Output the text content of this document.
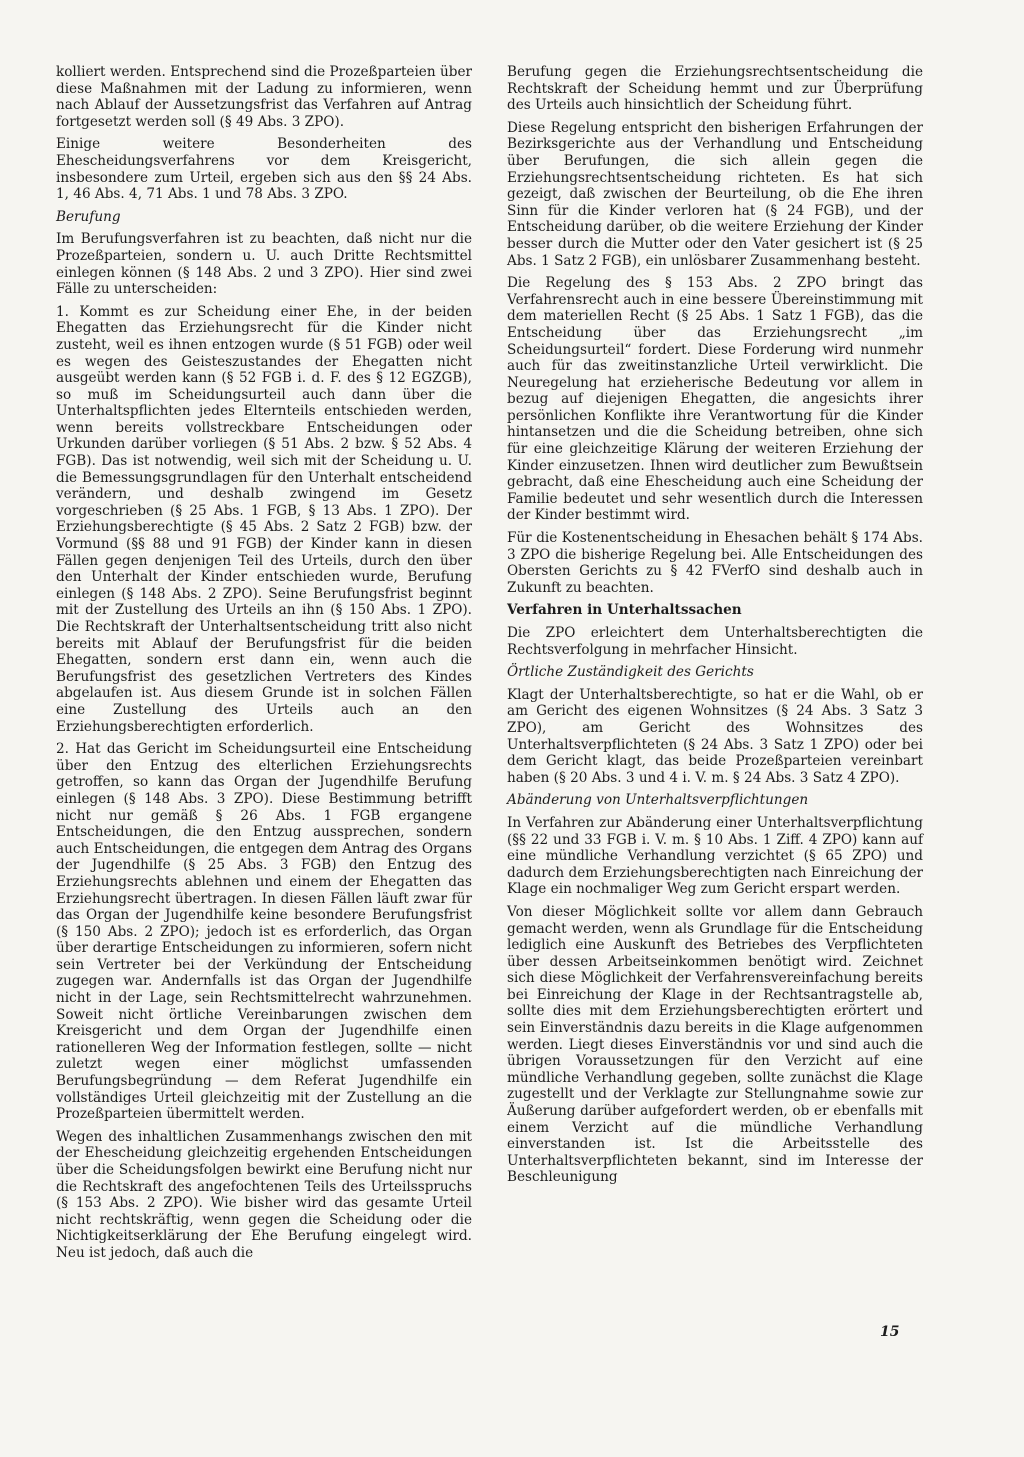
kolliert werden. Entsprechend sind die Prozeßparteien über diese Maßnahmen mit der Ladung zu informieren, wenn nach Ablauf der Aussetzungsfrist das Verfahren auf Antrag fortgesetzt werden soll (§ 49 Abs. 3 ZPO).

Einige weitere Besonderheiten des Ehescheidungsverfahrens vor dem Kreisgericht, insbesondere zum Urteil, ergeben sich aus den §§ 24 Abs. 1, 46 Abs. 4, 71 Abs. 1 und 78 Abs. 3 ZPO.

Berufung

Im Berufungsverfahren ist zu beachten, daß nicht nur die Prozeßparteien, sondern u. U. auch Dritte Rechtsmittel einlegen können (§ 148 Abs. 2 und 3 ZPO). Hier sind zwei Fälle zu unterscheiden:

1. Kommt es zur Scheidung einer Ehe, in der beiden Ehegatten das Erziehungsrecht für die Kinder nicht zusteht, weil es ihnen entzogen wurde (§ 51 FGB) oder weil es wegen des Geisteszustandes der Ehegatten nicht ausgeübt werden kann (§ 52 FGB i. d. F. des § 12 EGZGB), so muß im Scheidungsurteil auch dann über die Unterhaltspflichten jedes Elternteils entschieden werden, wenn bereits vollstreckbare Entscheidungen oder Urkunden darüber vorliegen (§ 51 Abs. 2 bzw. § 52 Abs. 4 FGB). Das ist notwendig, weil sich mit der Scheidung u. U. die Bemessungsgrundlagen für den Unterhalt entscheidend verändern, und deshalb zwingend im Gesetz vorgeschrieben (§ 25 Abs. 1 FGB, § 13 Abs. 1 ZPO). Der Erziehungsberechtigte (§ 45 Abs. 2 Satz 2 FGB) bzw. der Vormund (§§ 88 und 91 FGB) der Kinder kann in diesen Fällen gegen denjenigen Teil des Urteils, durch den über den Unterhalt der Kinder entschieden wurde, Berufung einlegen (§ 148 Abs. 2 ZPO). Seine Berufungsfrist beginnt mit der Zustellung des Urteils an ihn (§ 150 Abs. 1 ZPO). Die Rechtskraft der Unterhaltsentscheidung tritt also nicht bereits mit Ablauf der Berufungsfrist für die beiden Ehegatten, sondern erst dann ein, wenn auch die Berufungsfrist des gesetzlichen Vertreters des Kindes abgelaufen ist. Aus diesem Grunde ist in solchen Fällen eine Zustellung des Urteils auch an den Erziehungsberechtigten erforderlich.

2. Hat das Gericht im Scheidungsurteil eine Entscheidung über den Entzug des elterlichen Erziehungsrechts getroffen, so kann das Organ der Jugendhilfe Berufung einlegen (§ 148 Abs. 3 ZPO). Diese Bestimmung betrifft nicht nur gemäß § 26 Abs. 1 FGB ergangene Entscheidungen, die den Entzug aussprechen, sondern auch Entscheidungen, die entgegen dem Antrag des Organs der Jugendhilfe (§ 25 Abs. 3 FGB) den Entzug des Erziehungsrechts ablehnen und einem der Ehegatten das Erziehungsrecht übertragen. In diesen Fällen läuft zwar für das Organ der Jugendhilfe keine besondere Berufungsfrist (§ 150 Abs. 2 ZPO); jedoch ist es erforderlich, das Organ über derartige Entscheidungen zu informieren, sofern nicht sein Vertreter bei der Verkündung der Entscheidung zugegen war. Andernfalls ist das Organ der Jugendhilfe nicht in der Lage, sein Rechtsmittelrecht wahrzunehmen. Soweit nicht örtliche Vereinbarungen zwischen dem Kreisgericht und dem Organ der Jugendhilfe einen rationelleren Weg der Information festlegen, sollte — nicht zuletzt wegen einer möglichst umfassenden Berufungsbegründung — dem Referat Jugendhilfe ein vollständiges Urteil gleichzeitig mit der Zustellung an die Prozeßparteien übermittelt werden.

Wegen des inhaltlichen Zusammenhangs zwischen den mit der Ehescheidung gleichzeitig ergehenden Entscheidungen über die Scheidungsfolgen bewirkt eine Berufung nicht nur die Rechtskraft des angefochtenen Teils des Urteilsspruchs (§ 153 Abs. 2 ZPO). Wie bisher wird das gesamte Urteil nicht rechtskräftig, wenn gegen die Scheidung oder die Nichtigkeitserklärung der Ehe Berufung eingelegt wird. Neu ist jedoch, daß auch die

Berufung gegen die Erziehungsrechtsentscheidung die Rechtskraft der Scheidung hemmt und zur Überprüfung des Urteils auch hinsichtlich der Scheidung führt.

Diese Regelung entspricht den bisherigen Erfahrungen der Bezirksgerichte aus der Verhandlung und Entscheidung über Berufungen, die sich allein gegen die Erziehungsrechtsentscheidung richteten. Es hat sich gezeigt, daß zwischen der Beurteilung, ob die Ehe ihren Sinn für die Kinder verloren hat (§ 24 FGB), und der Entscheidung darüber, ob die weitere Erziehung der Kinder besser durch die Mutter oder den Vater gesichert ist (§ 25 Abs. 1 Satz 2 FGB), ein unlösbarer Zusammenhang besteht.

Die Regelung des § 153 Abs. 2 ZPO bringt das Verfahrensrecht auch in eine bessere Übereinstimmung mit dem materiellen Recht (§ 25 Abs. 1 Satz 1 FGB), das die Entscheidung über das Erziehungsrecht „im Scheidungsurteil“ fordert. Diese Forderung wird nunmehr auch für das zweitinstanzliche Urteil verwirklicht. Die Neuregelung hat erzieherische Bedeutung vor allem in bezug auf diejenigen Ehegatten, die angesichts ihrer persönlichen Konflikte ihre Verantwortung für die Kinder hintansetzen und die die Scheidung betreiben, ohne sich für eine gleichzeitige Klärung der weiteren Erziehung der Kinder einzusetzen. Ihnen wird deutlicher zum Bewußtsein gebracht, daß eine Ehescheidung auch eine Scheidung der Familie bedeutet und sehr wesentlich durch die Interessen der Kinder bestimmt wird.

Für die Kostenentscheidung in Ehesachen behält § 174 Abs. 3 ZPO die bisherige Regelung bei. Alle Entscheidungen des Obersten Gerichts zu § 42 FVerfO sind deshalb auch in Zukunft zu beachten.

Verfahren in Unterhaltssachen

Die ZPO erleichtert dem Unterhaltsberechtigten die Rechtsverfolgung in mehrfacher Hinsicht.

Örtliche Zuständigkeit des Gerichts

Klagt der Unterhaltsberechtigte, so hat er die Wahl, ob er am Gericht des eigenen Wohnsitzes (§ 24 Abs. 3 Satz 3 ZPO), am Gericht des Wohnsitzes des Unterhaltsverpflichteten (§ 24 Abs. 3 Satz 1 ZPO) oder bei dem Gericht klagt, das beide Prozeßparteien vereinbart haben (§ 20 Abs. 3 und 4 i. V. m. § 24 Abs. 3 Satz 4 ZPO).

Abänderung von Unterhaltsverpflichtungen

In Verfahren zur Abänderung einer Unterhaltsverpflichtung (§§ 22 und 33 FGB i. V. m. § 10 Abs. 1 Ziff. 4 ZPO) kann auf eine mündliche Verhandlung verzichtet (§ 65 ZPO) und dadurch dem Erziehungsberechtigten nach Einreichung der Klage ein nochmaliger Weg zum Gericht erspart werden.

Von dieser Möglichkeit sollte vor allem dann Gebrauch gemacht werden, wenn als Grundlage für die Entscheidung lediglich eine Auskunft des Betriebes des Verpflichteten über dessen Arbeitseinkommen benötigt wird. Zeichnet sich diese Möglichkeit der Verfahrensvereinfachung bereits bei Einreichung der Klage in der Rechtsantragstelle ab, sollte dies mit dem Erziehungsberechtigten erörtert und sein Einverständnis dazu bereits in die Klage aufgenommen werden. Liegt dieses Einverständnis vor und sind auch die übrigen Voraussetzungen für den Verzicht auf eine mündliche Verhandlung gegeben, sollte zunächst die Klage zugestellt und der Verklagte zur Stellungnahme sowie zur Äußerung darüber aufgefordert werden, ob er ebenfalls mit einem Verzicht auf die mündliche Verhandlung einverstanden ist. Ist die Arbeitsstelle des Unterhaltsverpflichteten bekannt, sind im Interesse der Beschleunigung

15
